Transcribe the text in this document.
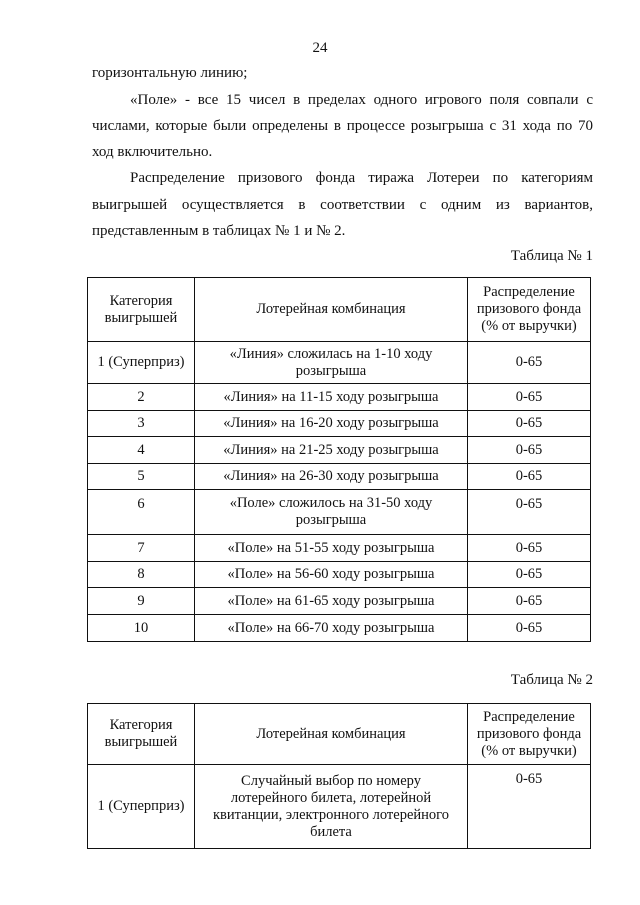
24
горизонтальную линию;
«Поле» - все 15 чисел в пределах одного игрового поля совпали с
числами, которые были определены в процессе розыгрыша с 31 хода по 70
ход включительно.
Распределение призового фонда тиража Лотереи по категориям
выигрышей осуществляется в соответствии с одним из вариантов,
представленным в таблицах № 1 и № 2.
Таблица № 1
Категория выигрышей	Лотерейная комбинация	Распределение призового фонда (% от выручки)
1 (Суперприз)	«Линия» сложилась на 1-10 ходу розыгрыша	0-65
2	«Линия» на 11-15 ходу розыгрыша	0-65
3	«Линия» на 16-20 ходу розыгрыша	0-65
4	«Линия» на 21-25 ходу розыгрыша	0-65
5	«Линия» на 26-30 ходу розыгрыша	0-65
6	«Поле» сложилось на 31-50 ходу розыгрыша	0-65
7	«Поле» на 51-55 ходу розыгрыша	0-65
8	«Поле» на 56-60 ходу розыгрыша	0-65
9	«Поле» на 61-65 ходу розыгрыша	0-65
10	«Поле» на 66-70 ходу розыгрыша	0-65
Таблица № 2
Категория выигрышей	Лотерейная комбинация	Распределение призового фонда (% от выручки)
1 (Суперприз)	Случайный выбор по номеру лотерейного билета, лотерейной квитанции, электронного лотерейного билета	0-65
